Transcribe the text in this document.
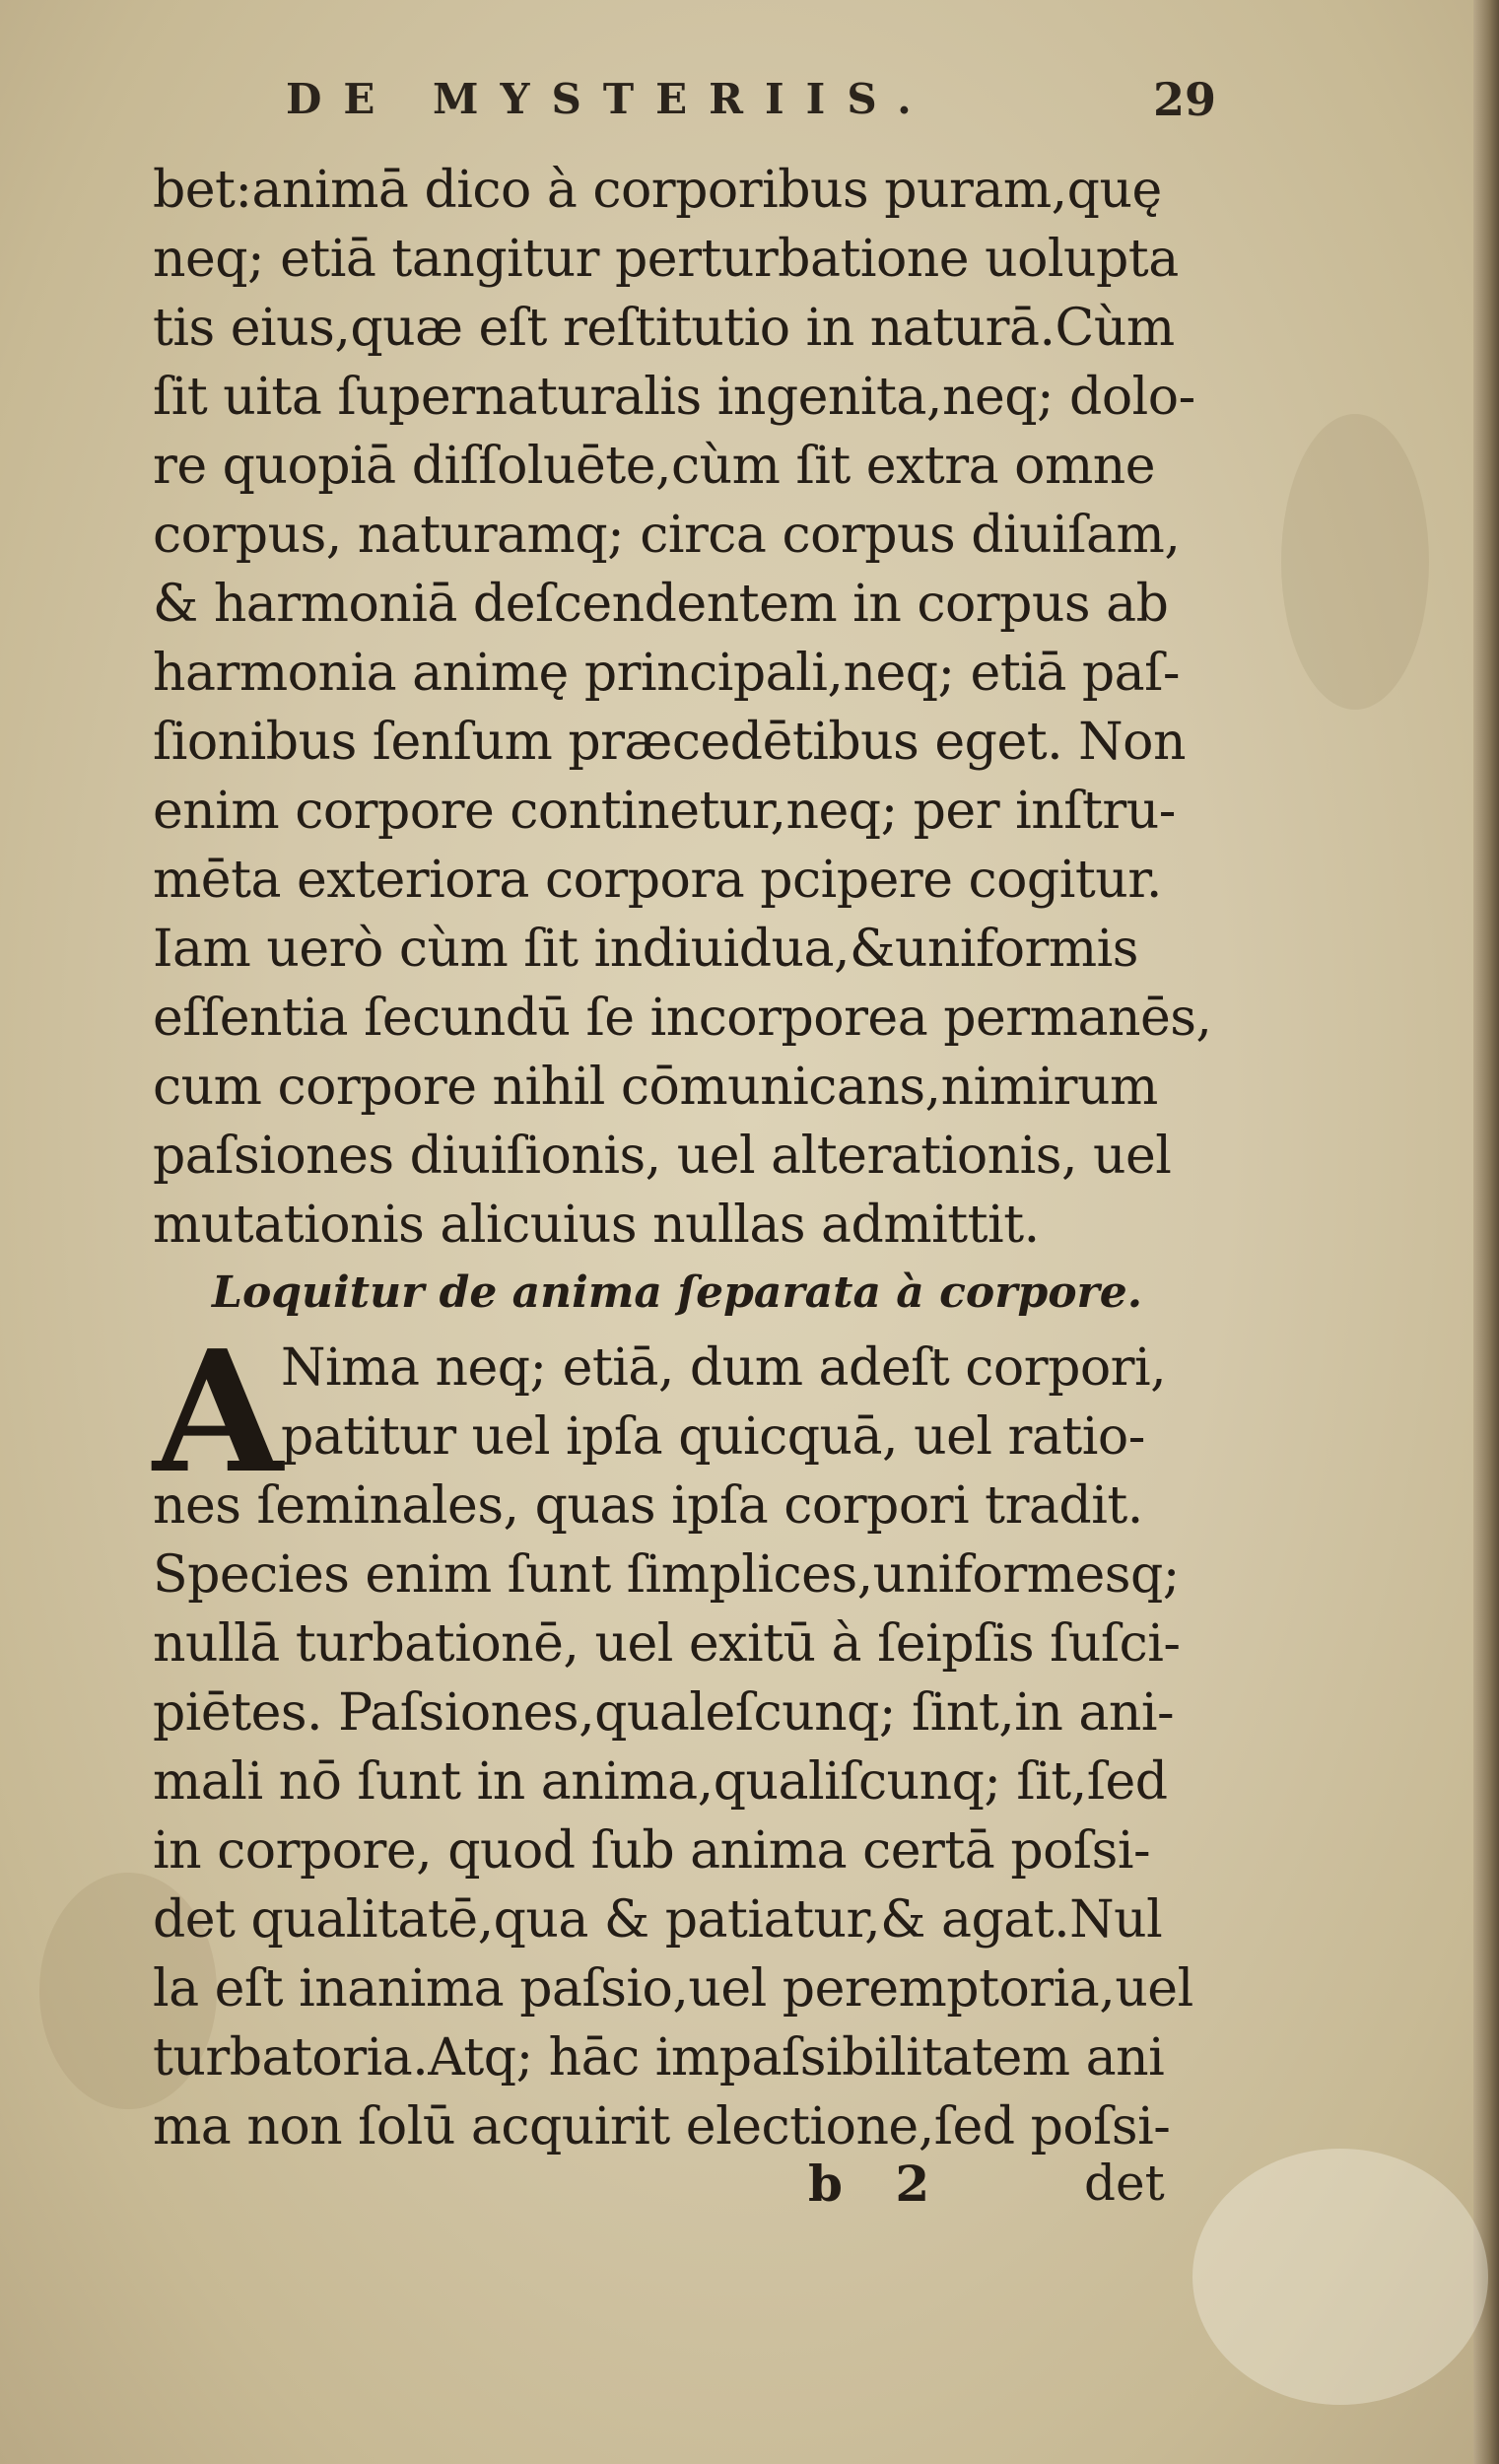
DE MYSTERIIS.	29
bet:animā dico à corporibus puram,quę
neq; etiā tangitur perturbatione uolupta
tis eius,quæ eſt reſtitutio in naturā.Cùm
ſit uita ſupernaturalis ingenita,neq; dolo-
re quopiā diſſoluēte,cùm ſit extra omne
corpus, naturamq; circa corpus diuiſam,
& harmoniā deſcendentem in corpus ab
harmonia animę principali,neq; etiā paſ-
ſionibus ſenſum præcedētibus eget. Non
enim corpore continetur,neq; per inſtru-
mēta exteriora corpora pcipere cogitur.
Iam uerò cùm ſit indiuidua,&uniformis
eſſentia ſecundū ſe incorporea permanēs,
cum corpore nihil cōmunicans,nimirum
paſsiones diuiſionis, uel alterationis, uel
mutationis alicuius nullas admittit.
Loquitur de anima ſeparata à corpore.
A
Nima neq; etiā, dum adeſt corpori,
patitur uel ipſa quicquā, uel ratio-
nes ſeminales, quas ipſa corpori tradit.
Species enim ſunt ſimplices,uniformesq;
nullā turbationē, uel exitū à ſeipſis ſuſci-
piētes. Paſsiones,qualeſcunq; ſint,in ani-
mali nō ſunt in anima,qualiſcunq; ſit,ſed
in corpore, quod ſub anima certā poſsi-
det qualitatē,qua & patiatur,& agat.Nul
la eſt inanima paſsio,uel peremptoria,uel
turbatoria.Atq; hāc impaſsibilitatem ani
ma non ſolū acquirit electione,ſed poſsi-
b 2	det
